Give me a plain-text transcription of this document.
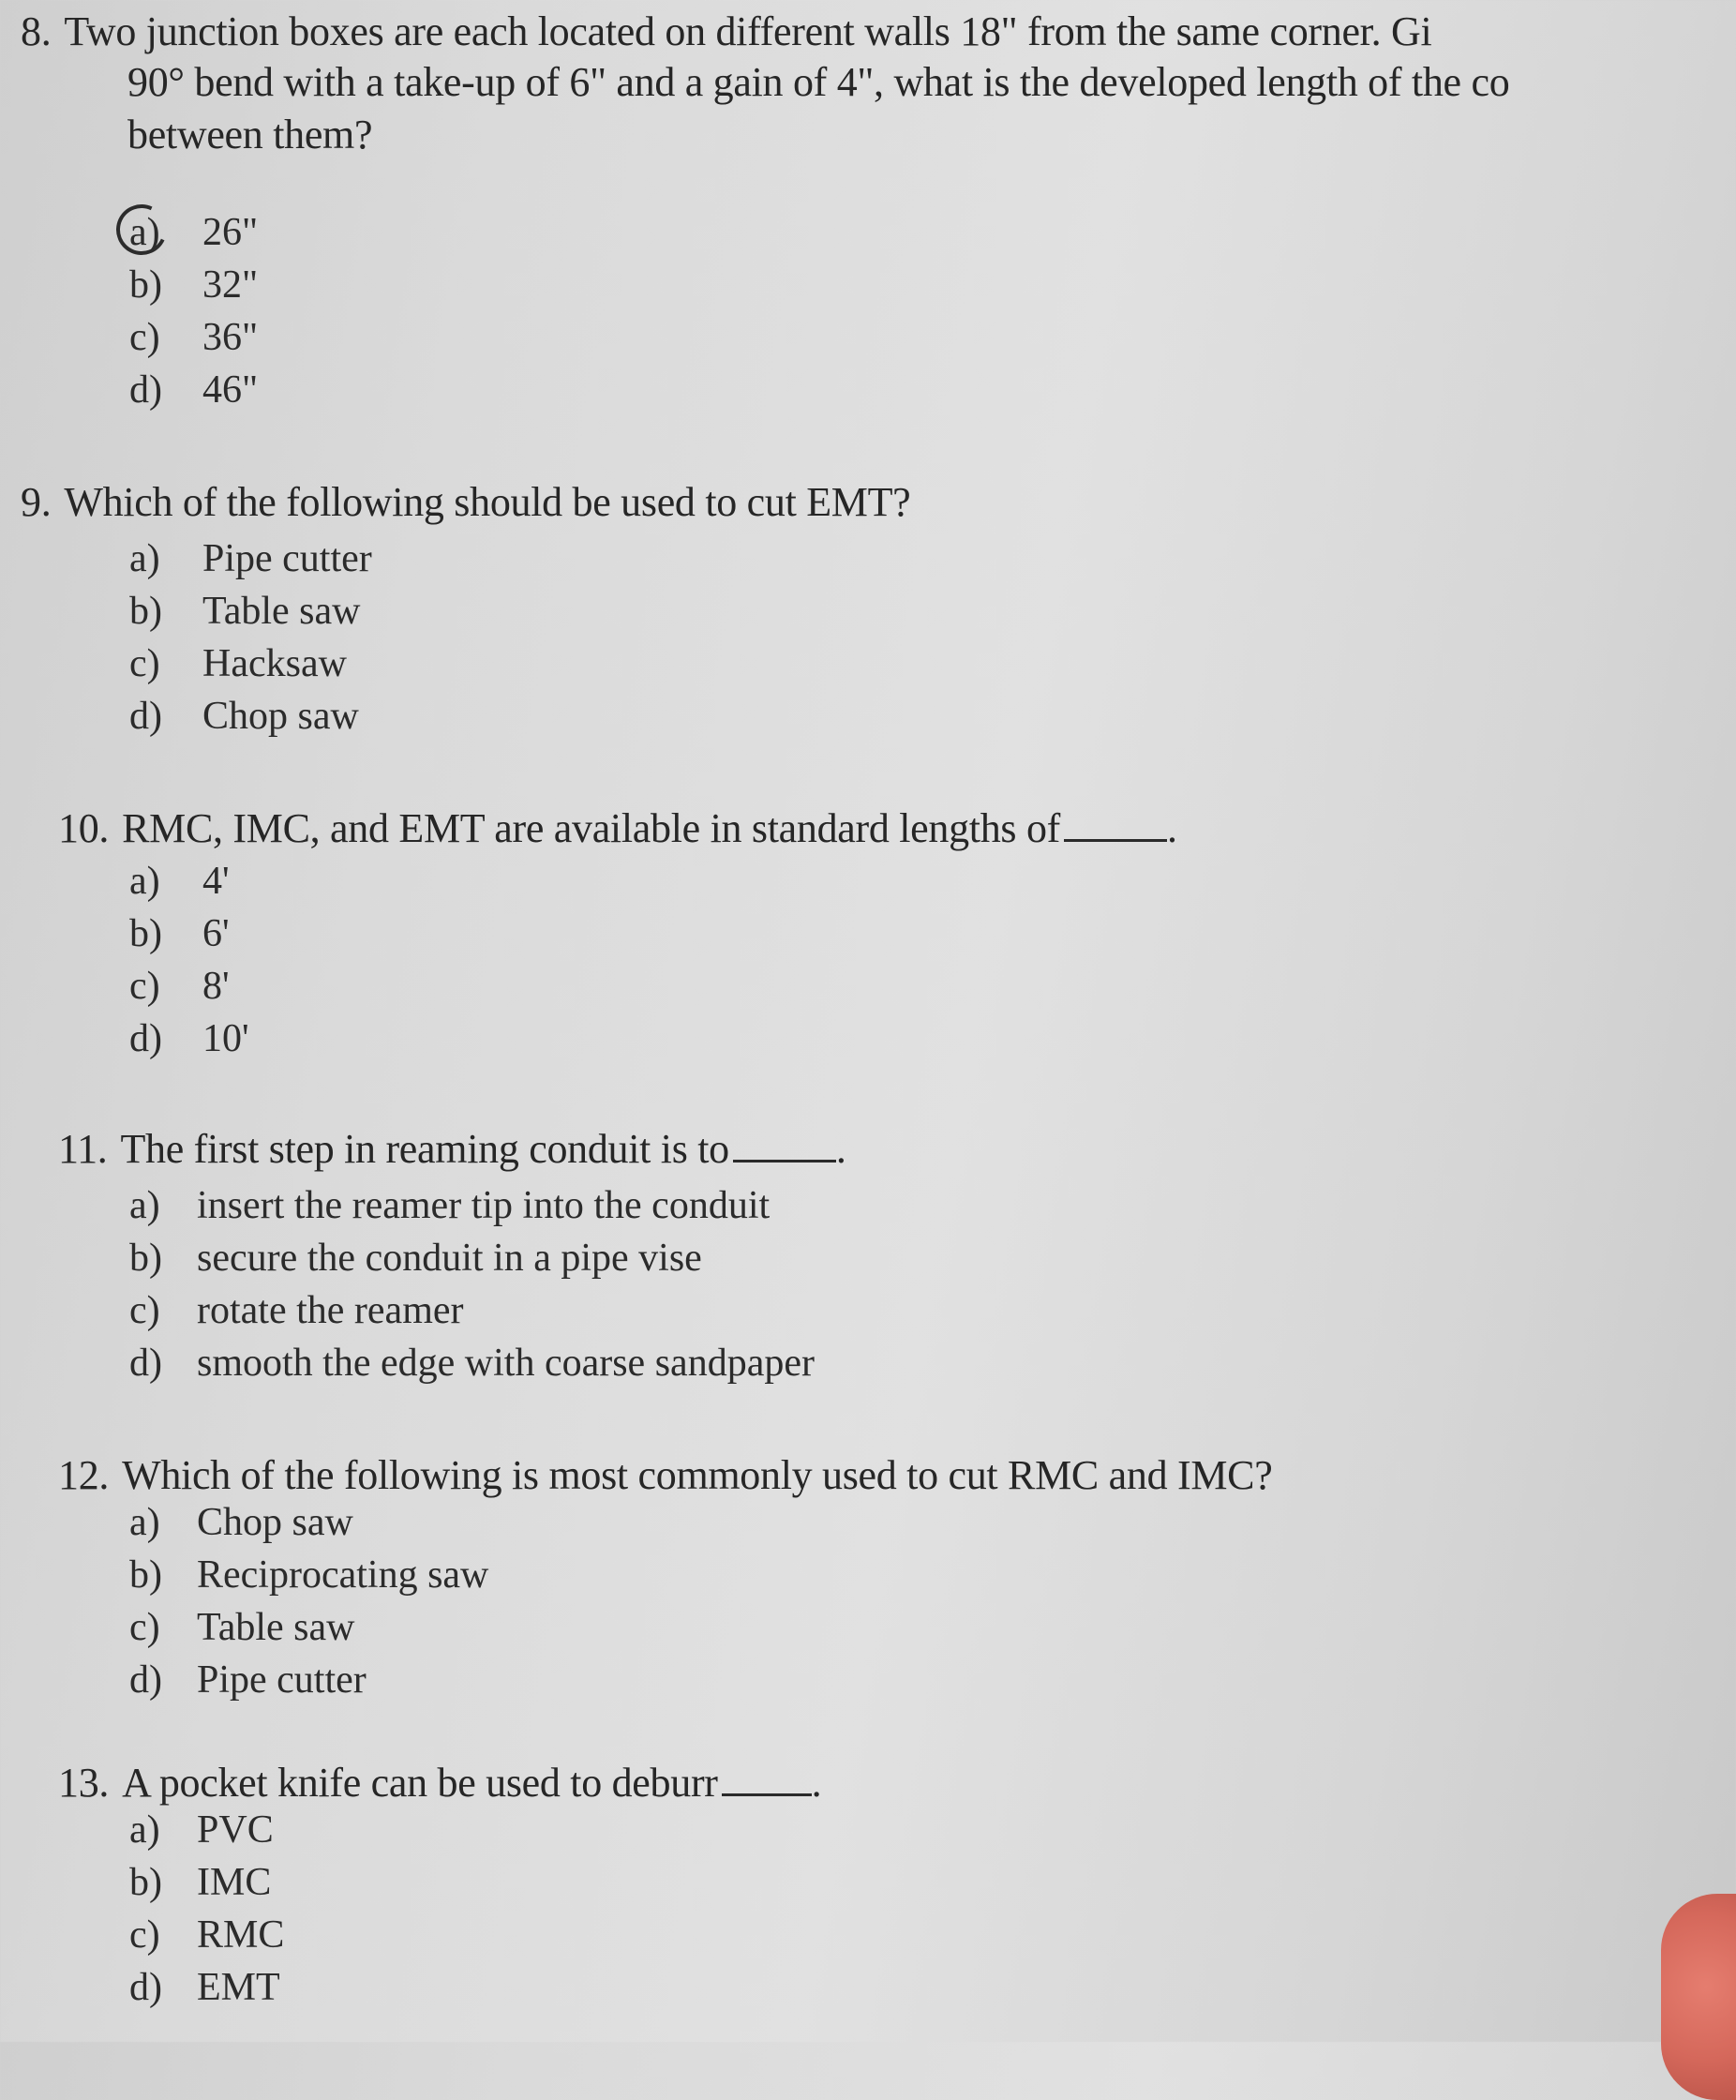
8. Two junction boxes are each located on different walls 18" from the same corner. Gi
90° bend with a take-up of 6" and a gain of 4", what is the developed length of the co
between them?
a) 26"
b) 32"
c) 36"
d) 46"
9. Which of the following should be used to cut EMT?
a) Pipe cutter
b) Table saw
c) Hacksaw
d) Chop saw
10. RMC, IMC, and EMT are available in standard lengths of	.
a) 4'
b) 6'
c) 8'
d) 10'
11. The first step in reaming conduit is to	.
a) insert the reamer tip into the conduit
b) secure the conduit in a pipe vise
c) rotate the reamer
d) smooth the edge with coarse sandpaper
12. Which of the following is most commonly used to cut RMC and IMC?
a) Chop saw
b) Reciprocating saw
c) Table saw
d) Pipe cutter
13. A pocket knife can be used to deburr .
a) PVC
b) IMC
c) RMC
d) EMT
